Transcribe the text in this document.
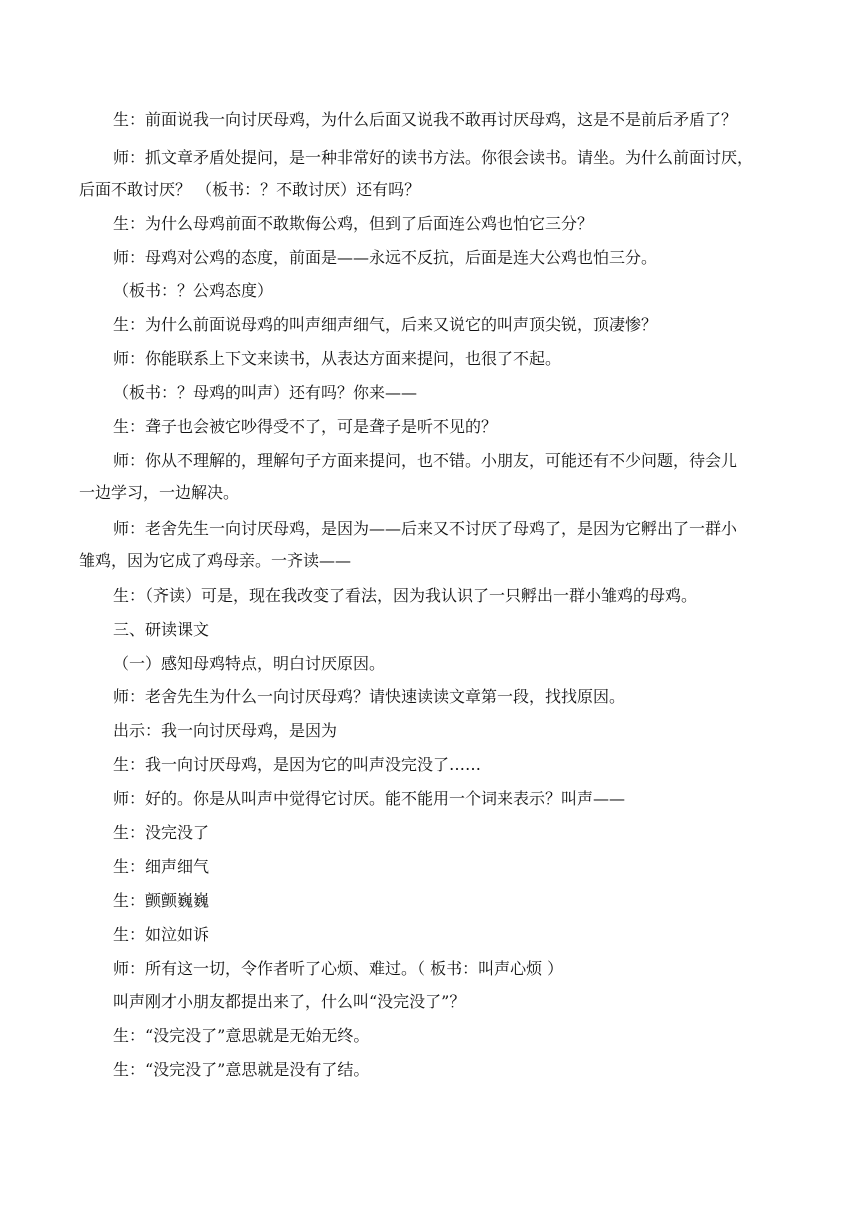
生：前面说我一向讨厌母鸡，为什么后面又说我不敢再讨厌母鸡，这是不是前后矛盾了？
师：抓文章矛盾处提问，是一种非常好的读书方法。你很会读书。请坐。为什么前面讨厌，
后面不敢讨厌？ （板书：？不敢讨厌）还有吗？
生：为什么母鸡前面不敢欺侮公鸡，但到了后面连公鸡也怕它三分？
师：母鸡对公鸡的态度，前面是——永远不反抗，后面是连大公鸡也怕三分。
（板书：？公鸡态度）
生：为什么前面说母鸡的叫声细声细气，后来又说它的叫声顶尖锐，顶凄惨？
师：你能联系上下文来读书，从表达方面来提问，也很了不起。
（板书：？母鸡的叫声）还有吗？你来——
生：聋子也会被它吵得受不了，可是聋子是听不见的？
师：你从不理解的，理解句子方面来提问，也不错。小朋友，可能还有不少问题，待会儿
一边学习，一边解决。
师：老舍先生一向讨厌母鸡，是因为——后来又不讨厌了母鸡了，是因为它孵出了一群小
雏鸡，因为它成了鸡母亲。一齐读——
生：（齐读）可是，现在我改变了看法，因为我认识了一只孵出一群小雏鸡的母鸡。
三、研读课文
（一）感知母鸡特点，明白讨厌原因。
师：老舍先生为什么一向讨厌母鸡？请快速读读文章第一段，找找原因。
出示：我一向讨厌母鸡，是因为
生：我一向讨厌母鸡，是因为它的叫声没完没了……
师：好的。你是从叫声中觉得它讨厌。能不能用一个词来表示？叫声——
生：没完没了
生：细声细气
生：颤颤巍巍
生：如泣如诉
师：所有这一切，令作者听了心烦、难过。（ 板书：叫声心烦 ）
叫声刚才小朋友都提出来了，什么叫“没完没了”？
生：“没完没了”意思就是无始无终。
生：“没完没了”意思就是没有了结。
